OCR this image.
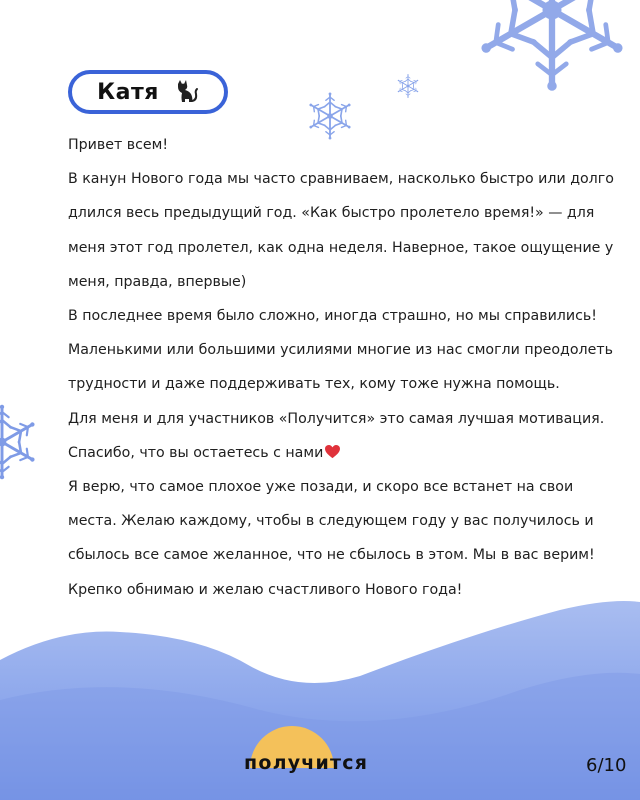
Катя

Привет всем!

В канун Нового года мы часто сравниваем, насколько быстро или долго длился весь предыдущий год. «Как быстро пролетело время!» — для меня этот год пролетел, как одна неделя. Наверное, такое ощущение у меня, правда, впервые)

В последнее время было сложно, иногда страшно, но мы справились! Маленькими или большими усилиями многие из нас смогли преодолеть трудности и даже поддерживать тех, кому тоже нужна помощь.

Для меня и для участников «Получится» это самая лучшая мотивация. Спасибо, что вы остаетесь с нами

Я верю, что самое плохое уже позади, и скоро все встанет на свои места. Желаю каждому, чтобы в следующем году у вас получилось и сбылось все самое желанное, что не сбылось в этом. Мы в вас верим! Крепко обнимаю и желаю счастливого Нового года!

получится	6/10
